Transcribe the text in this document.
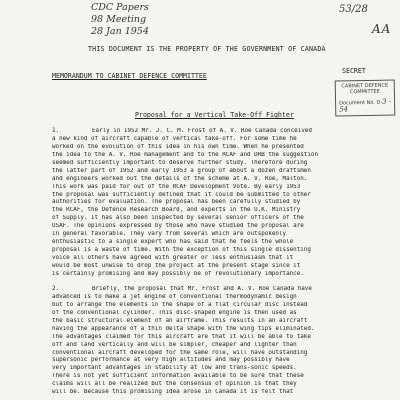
CDC Papers
98 Meeting
28 Jan 1954
53/28
AA
THIS DOCUMENT IS THE PROPERTY OF THE GOVERNMENT OF CANADA
SECRET
MEMORANDUM TO CABINET DEFENCE COMMITTEE
CABINET DEFENCE
COMMITTEE
Document No. D-3 - 54
Proposal for a Vertical Take-Off Fighter
1.	Early in 1952 Mr. J. C. M. Frost of A. V. Roe Canada conceived
a new kind of aircraft capable of vertical take-off. For some time he
worked on the evolution of this idea in his own time. When he presented
the idea to the A. V. Roe management and to the RCAF and DRB the suggestion
seemed sufficiently important to deserve further study. Therefore during
the latter part of 1952 and early 1953 a group of about a dozen draftsmen
and engineers worked out the details of the scheme at A. V. Roe, Malton.
This work was paid for out of the RCAF Development Vote. By early 1953
the proposal was sufficiently defined that it could be submitted to other
authorities for evaluation. The proposal has been carefully studied by
the RCAF, the Defence Research Board, and experts in the U.K. Ministry
of Supply. It has also been inspected by several senior officers of the
USAF. The opinions expressed by those who have studied the proposal are
in general favorable. They vary from several which are outspokenly
enthusiastic to a single expert who has said that he feels the whole
proposal is a waste of time. With the exception of this single dissenting
voice all others have agreed with greater or less enthusiasm that it
would be most unwise to drop the project at the present stage since it
is certainly promising and may possibly be of revolutionary importance.
2.	Briefly, the proposal that Mr. Frost and A. V. Roe Canada have
advanced is to make a jet engine of conventional thermodynamic design
but to arrange the elements in the shape of a flat circular disc instead
of the conventional cylinder. This disc-shaped engine is then used as
the basic structural element of an airframe. This results in an aircraft
having the appearance of a thin delta shape with the wing tips eliminated.
The advantages claimed for this aircraft are that it will be able to take
off and land vertically and will be simpler, cheaper and lighter than
conventional aircraft developed for the same role, will have outstanding
supersonic performance at very high altitudes and may possibly have
very important advantages in stability at low and trans-sonic speeds.
There is not yet sufficient information available to be sure that these
claims will all be realized but the consensus of opinion is that they
will be. Because this promising idea arose in Canada it is felt that
